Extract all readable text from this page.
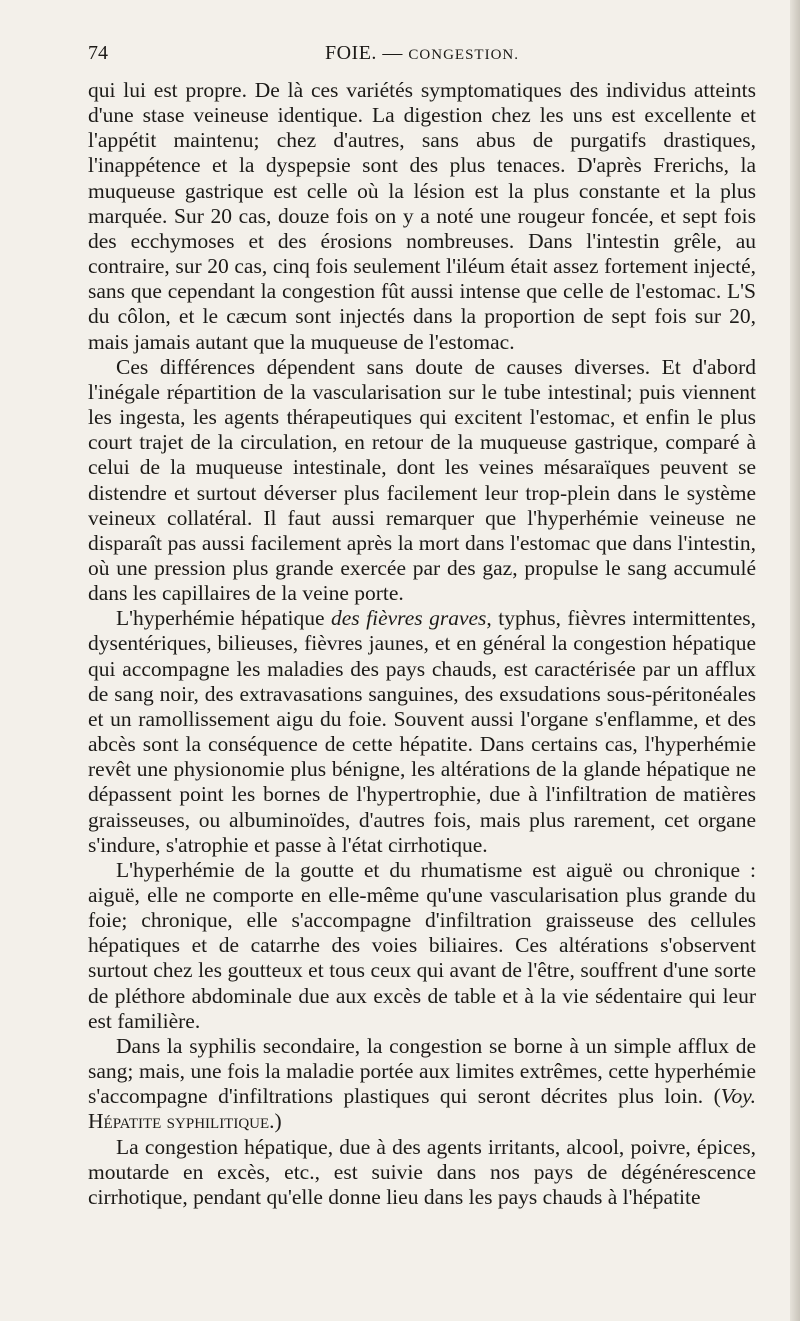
74	FOIE. — CONGESTION.

qui lui est propre. De là ces variétés symptomatiques des individus atteints d'une stase veineuse identique. La digestion chez les uns est excellente et l'appétit maintenu; chez d'autres, sans abus de purgatifs drastiques, l'inappétence et la dyspepsie sont des plus tenaces. D'après Frerichs, la muqueuse gastrique est celle où la lésion est la plus constante et la plus marquée. Sur 20 cas, douze fois on y a noté une rougeur foncée, et sept fois des ecchymoses et des érosions nombreuses. Dans l'intestin grêle, au contraire, sur 20 cas, cinq fois seulement l'iléum était assez fortement injecté, sans que cependant la congestion fût aussi intense que celle de l'estomac. L'S du côlon, et le cæcum sont injectés dans la proportion de sept fois sur 20, mais jamais autant que la muqueuse de l'estomac.

Ces différences dépendent sans doute de causes diverses. Et d'abord l'inégale répartition de la vascularisation sur le tube intestinal; puis viennent les ingesta, les agents thérapeutiques qui excitent l'estomac, et enfin le plus court trajet de la circulation, en retour de la muqueuse gastrique, comparé à celui de la muqueuse intestinale, dont les veines mésaraïques peuvent se distendre et surtout déverser plus facilement leur trop-plein dans le système veineux collatéral. Il faut aussi remarquer que l'hyperhémie veineuse ne disparaît pas aussi facilement après la mort dans l'estomac que dans l'intestin, où une pression plus grande exercée par des gaz, propulse le sang accumulé dans les capillaires de la veine porte.

L'hyperhémie hépatique des fièvres graves, typhus, fièvres intermittentes, dysentériques, bilieuses, fièvres jaunes, et en général la congestion hépatique qui accompagne les maladies des pays chauds, est caractérisée par un afflux de sang noir, des extravasations sanguines, des exsudations sous-péritonéales et un ramollissement aigu du foie. Souvent aussi l'organe s'enflamme, et des abcès sont la conséquence de cette hépatite. Dans certains cas, l'hyperhémie revêt une physionomie plus bénigne, les altérations de la glande hépatique ne dépassent point les bornes de l'hypertrophie, due à l'infiltration de matières graisseuses, ou albuminoïdes, d'autres fois, mais plus rarement, cet organe s'indure, s'atrophie et passe à l'état cirrhotique.

L'hyperhémie de la goutte et du rhumatisme est aiguë ou chronique : aiguë, elle ne comporte en elle-même qu'une vascularisation plus grande du foie; chronique, elle s'accompagne d'infiltration graisseuse des cellules hépatiques et de catarrhe des voies biliaires. Ces altérations s'observent surtout chez les goutteux et tous ceux qui avant de l'être, souffrent d'une sorte de pléthore abdominale due aux excès de table et à la vie sédentaire qui leur est familière.

Dans la syphilis secondaire, la congestion se borne à un simple afflux de sang; mais, une fois la maladie portée aux limites extrêmes, cette hyperhémie s'accompagne d'infiltrations plastiques qui seront décrites plus loin. (Voy. Hépatite syphilitique.)

La congestion hépatique, due à des agents irritants, alcool, poivre, épices, moutarde en excès, etc., est suivie dans nos pays de dégénérescence cirrhotique, pendant qu'elle donne lieu dans les pays chauds à l'hépatite
